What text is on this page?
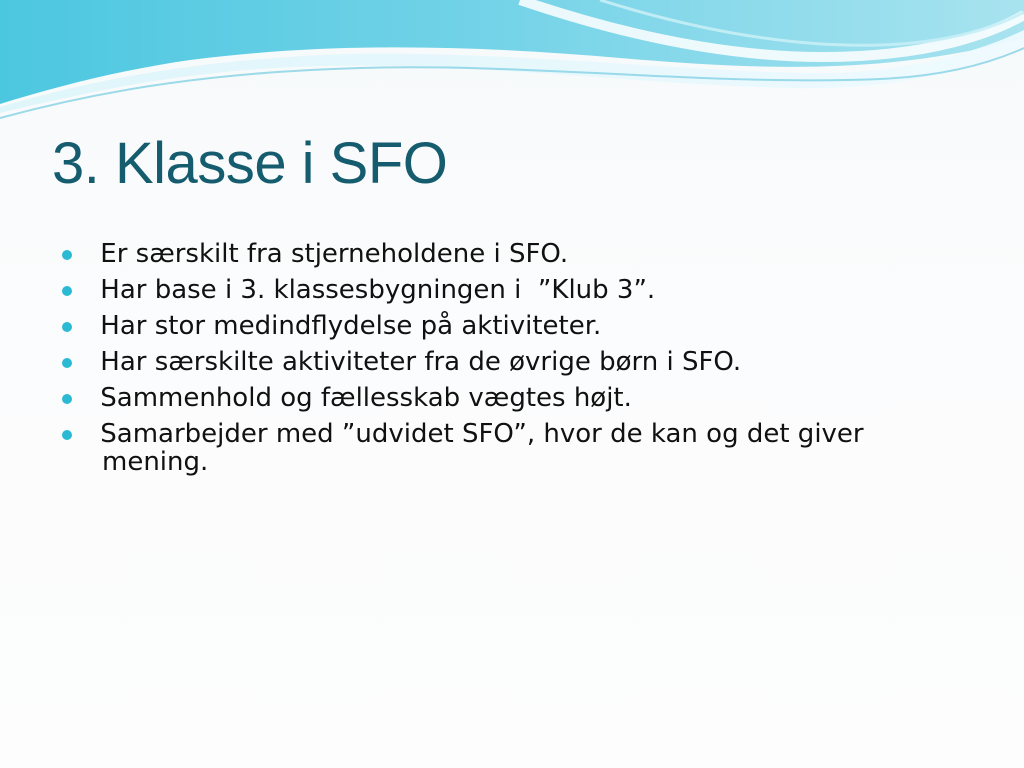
3. Klasse i SFO
Er særskilt fra stjerneholdene i SFO.
Har base i 3. klassesbygningen i  ”Klub 3”.
Har stor medindflydelse på aktiviteter.
Har særskilte aktiviteter fra de øvrige børn i SFO.
Sammenhold og fællesskab vægtes højt.
Samarbejder med ”udvidet SFO”, hvor de kan og det giver mening.
